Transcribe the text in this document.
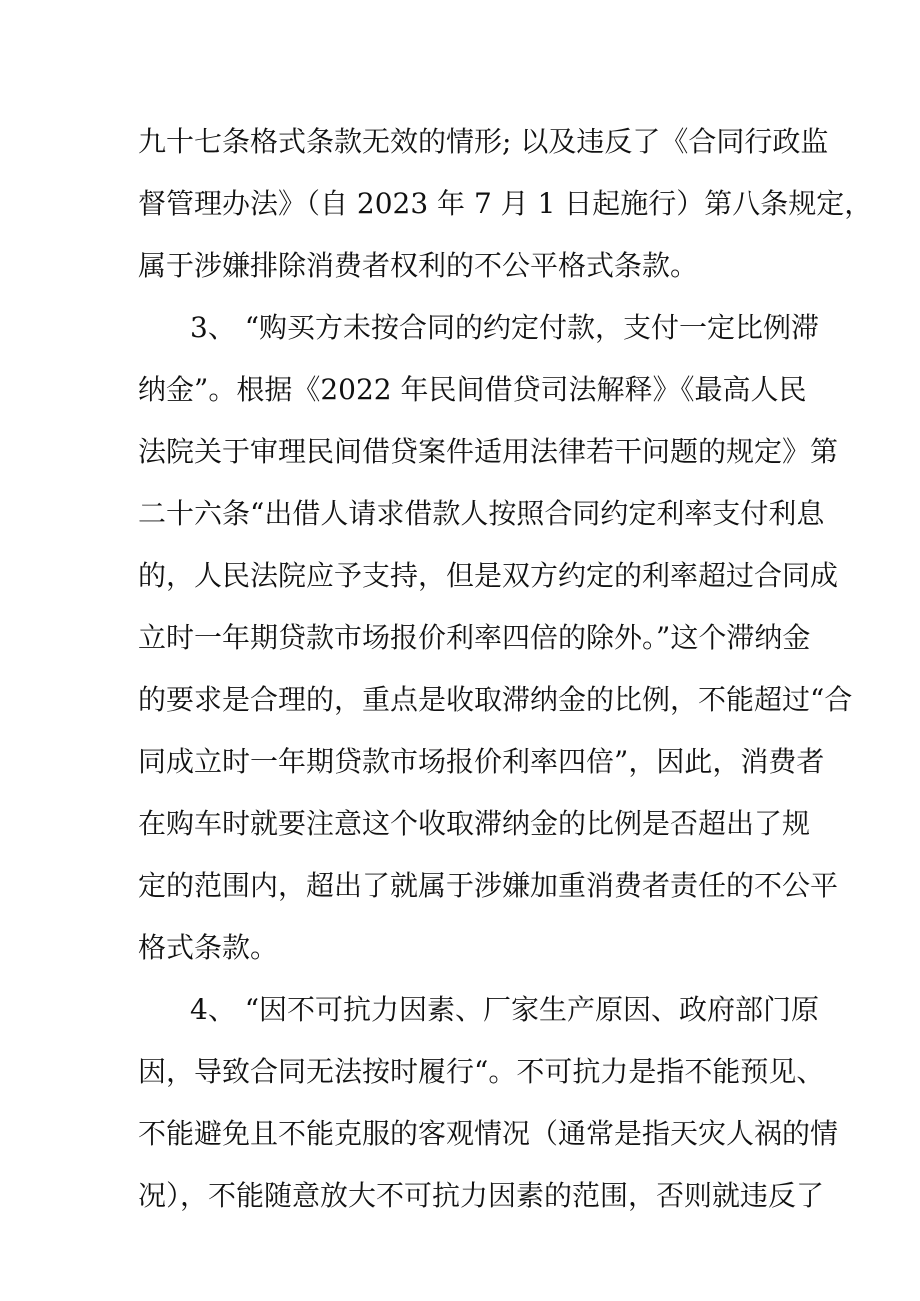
九十七条格式条款无效的情形; 以及违反了《合同行政监

督管理办法》（自 2023 年 7 月 1 日起施行）第八条规定，

属于涉嫌排除消费者权利的不公平格式条款。

3、 “购买方未按合同的约定付款，支付一定比例滞

纳金”。根据《2022 年民间借贷司法解释》《最高人民

法院关于审理民间借贷案件适用法律若干问题的规定》第

二十六条“出借人请求借款人按照合同约定利率支付利息

的，人民法院应予支持，但是双方约定的利率超过合同成

立时一年期贷款市场报价利率四倍的除外。”这个滞纳金

的要求是合理的，重点是收取滞纳金的比例，不能超过“合

同成立时一年期贷款市场报价利率四倍”，因此，消费者

在购车时就要注意这个收取滞纳金的比例是否超出了规

定的范围内，超出了就属于涉嫌加重消费者责任的不公平

格式条款。

4、 “因不可抗力因素、厂家生产原因、政府部门原

因，导致合同无法按时履行“。不可抗力是指不能预见、

不能避免且不能克服的客观情况（通常是指天灾人祸的情

况），不能随意放大不可抗力因素的范围，否则就违反了
